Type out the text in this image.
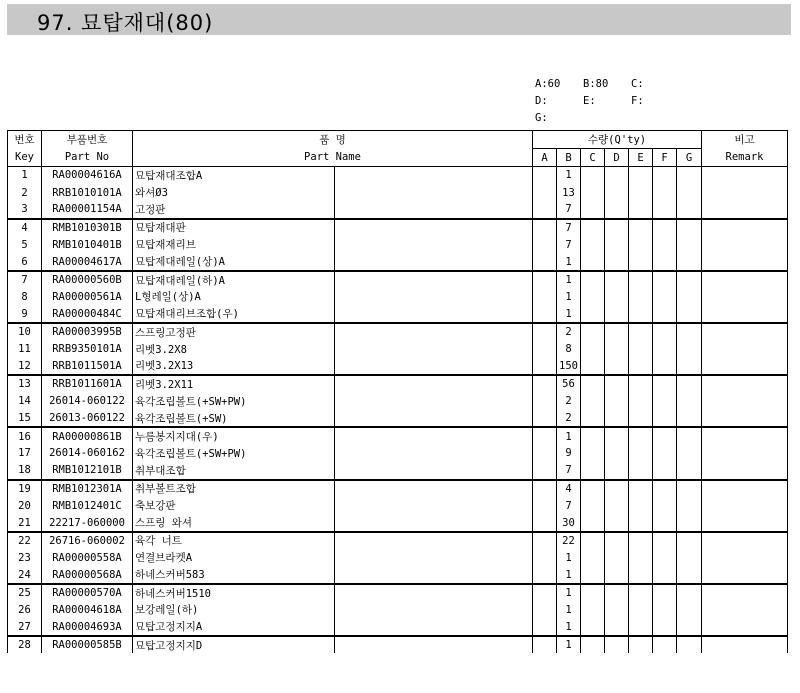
97. 묘탑재대(80)
A:60	B:80	C:
D:	E:	F:
G:
번호	부품번호	품 명		수량(Q'ty)							비고
Key	Part No	Part Name		A	B	C	D	E	F	G	Remark
1	RA00004616A	묘탑재대조합A			1						
2	RRB1010101A	와셔Ø3			13						
3	RA00001154A	고정판			7						
4	RMB1010301B	묘탑재대판			7						
5	RMB1010401B	묘탑재재리브			7						
6	RA00004617A	묘탑제대레일(상)A			1						
7	RA00000560B	묘탑재대레일(하)A			1						
8	RA00000561A	L형레일(상)A			1						
9	RA00000484C	묘탑재대리브조합(우)			1						
10	RA00003995B	스프링고정판			2						
11	RRB9350101A	리벳3.2X8			8						
12	RRB1011501A	리벳3.2X13			150						
13	RRB1011601A	리벳3.2X11			56						
14	26014-060122	육각조립볼트(+SW+PW)			2						
15	26013-060122	육각조립볼트(+SW)			2						
16	RA00000861B	누름봉지지대(우)			1						
17	26014-060162	육각조립볼트(+SW+PW)			9						
18	RMB1012101B	취부대조합			7						
19	RMB1012301A	취부볼트조합			4						
20	RMB1012401C	축보강판			7						
21	22217-060000	스프링 와셔			30						
22	26716-060002	육각 너트			22						
23	RA00000558A	연결브라켓A			1						
24	RA00000568A	하네스커버583			1						
25	RA00000570A	하네스커버1510			1						
26	RA00004618A	보강레일(하)			1						
27	RA00004693A	묘탑고정지지A			1						
28	RA00000585B	묘탑고정지지D			1						
